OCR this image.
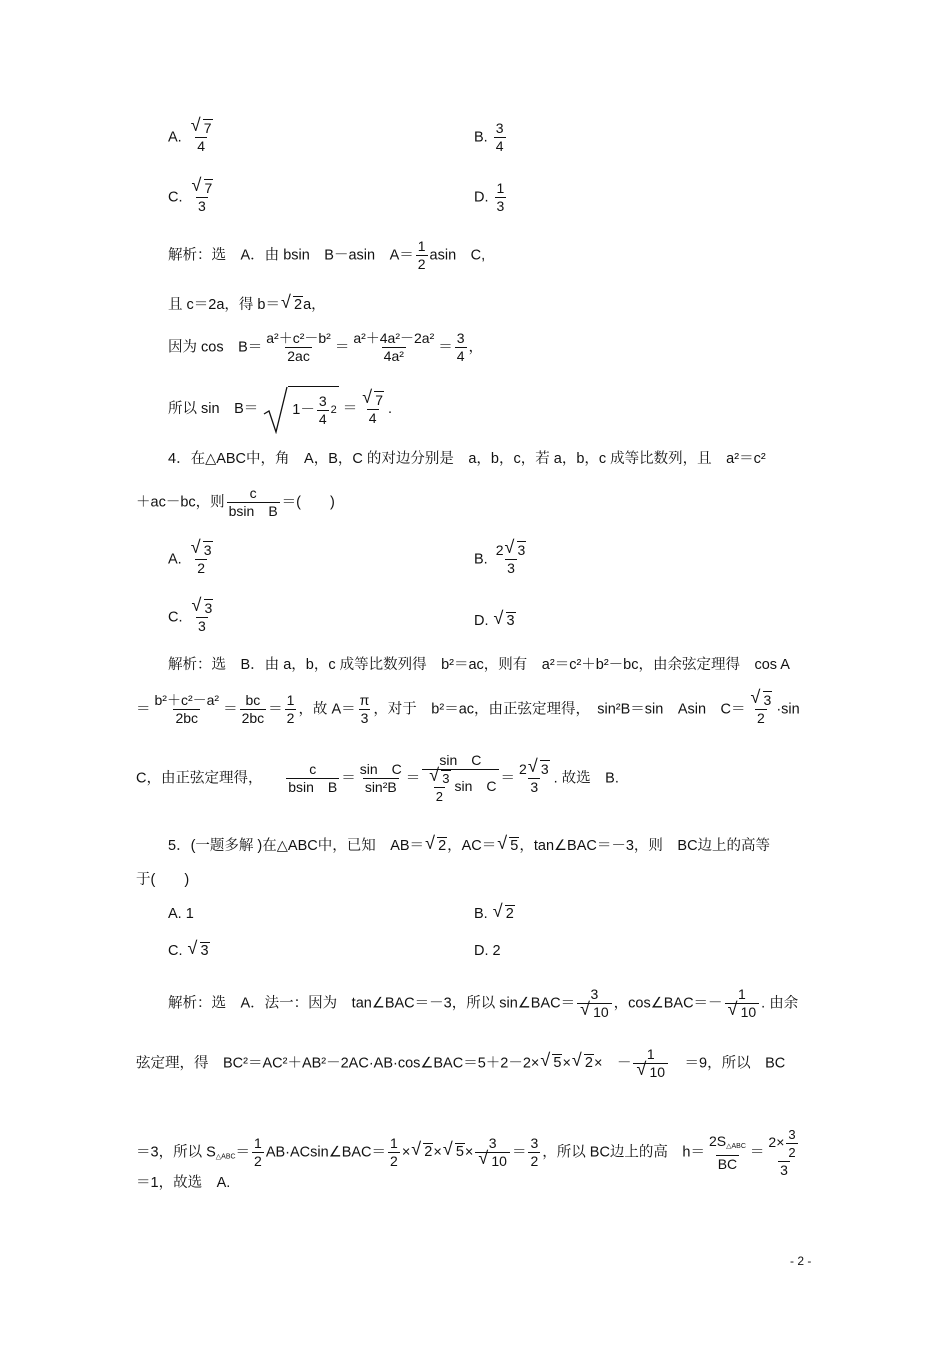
A. √ $\frac{7}{4}$	B. $\frac{3}{4}$
C. √ $\frac{7}{3}$	D. $\frac{1}{3}$
解析：选　A．由 bsin　B－asin　$A= \frac{1}{2}$ asin　C,
且 c＝2a，得 b＝ √ 2a，
因为 cos　$B= \frac{\text{a²＋c²－b²}}{2ac} = \frac{\text{a²＋4a²－2a²}}{\text{4a²}} = \frac{3}{4}$ ，
所以 sin　$B= 1- \frac{3}{4} 2$ ＝ √ $\frac{7}{4}$ .
4．在△ABC中，角　A，B，C 的对边分别是　a，b，c，若 a，b，c 成等比数列，且　a²＝c²
＋ac－bc，则 $\frac{c}{\text{bsin　B}}$ ＝(　　)
A. √ $\frac{3}{2}$	B. $\frac{2 √ 3}{3}$
C. √ $\frac{3}{3}$	D. √ 3
解析：选　B．由 a，b，c 成等比数列得　b²＝ac，则有　a²＝c²＋b²－bc，由余弦定理得　cos A
＝ $\frac{\text{b²＋c²－a²}}{2bc} = \frac{bc}{2bc} = \frac{1}{2}$ ，故 $A= \frac{\pi}{3}$ ，对于　b²＝ac，由正弦定理得，　sin²B＝sin　Asin　C＝ √ $\frac{3}{2} \cdot\sin$
C，由正弦定理得，　　 $\frac{c}{\text{bsin　B}} = \frac{\text{sin　C}}{\text{sin²B}} = \sin$　C
√ $\frac{3}{2}$ sin　$C = \frac{2 √ 3}{3}$ . 故选　B.
5．(一题多解 )在△ABC中，已知　AB＝ √ 2，AC＝ √ 5，tan∠BAC＝－3，则　BC边上的高等
于(　　)
A. 1	B. √ 2
C. √ 3	D. 2
解析：选　A．法一：因为　tan∠BAC＝－3，所以 sin∠BAC＝ 3
√ 10 ，cos∠BAC＝－ 1
√ 10 . 由余
弦定理，得　BC²＝AC²＋AB²－2AC·AB·cos∠BAC＝5＋2－2× √ 5× √ 2×　－ 1
√ 10
　 ＝9，所以　BC
＝3，所以 $S_{\triangle ABC}= \frac{1}{2}$ AB·ACsin∠BAC＝ $\frac{1}{2}$ × √ 2× √ 5× 3
√ $10 = \frac{3}{2}$ ，所以 BC边上的高　$h= \frac{2S_{\triangle ABC}}{BC} = \frac{2\times \frac{3}{2}}{3}$
＝1，故选　A.
- 2 -
